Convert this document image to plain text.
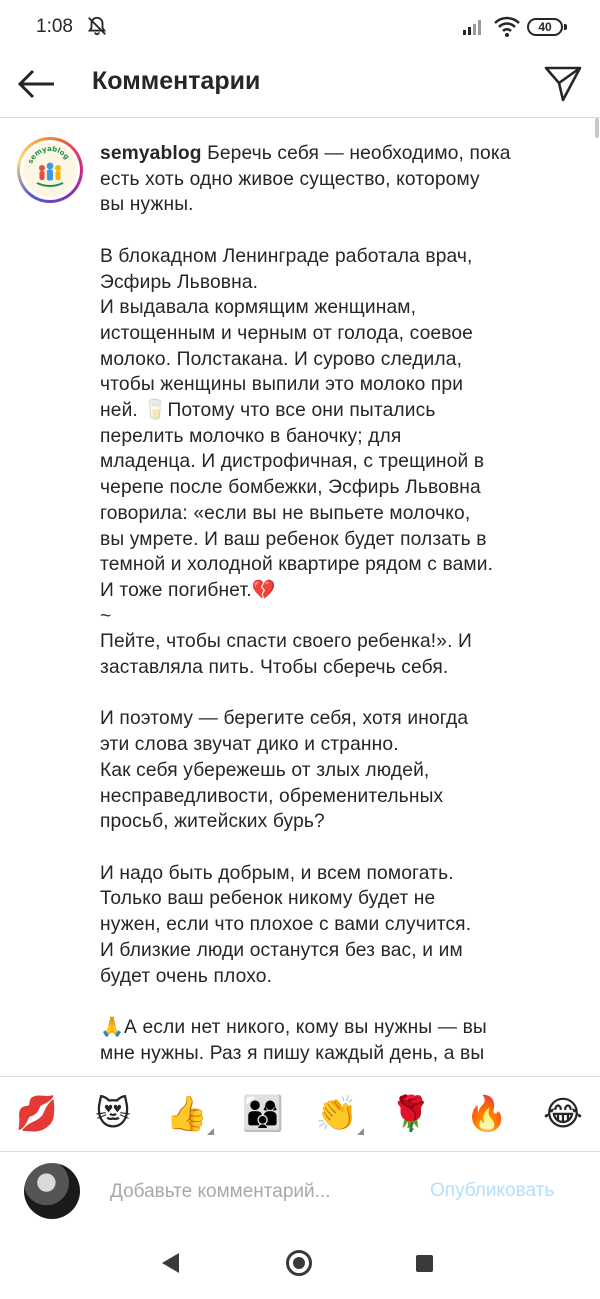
1:08	40
Комментарии
semyablog semyablog Беречь себя — необходимо, пока
есть хоть одно живое существо, которому
вы нужны.

В блокадном Ленинграде работала врач,
Эсфирь Львовна.
И выдавала кормящим женщинам,
истощенным и черным от голода, соевое
молоко. Полстакана. И сурово следила,
чтобы женщины выпили это молоко при
ней. 🥛Потому что все они пытались
перелить молочко в баночку; для
младенца. И дистрофичная, с трещиной в
черепе после бомбежки, Эсфирь Львовна
говорила: «если вы не выпьете молочко,
вы умрете. И ваш ребенок будет ползать в
темной и холодной квартире рядом с вами.
И тоже погибнет.💔
~
Пейте, чтобы спасти своего ребенка!». И
заставляла пить. Чтобы сберечь себя.

И поэтому — берегите себя, хотя иногда
эти слова звучат дико и странно.
Как себя убережешь от злых людей,
несправедливости, обременительных
просьб, житейских бурь?

И надо быть добрым, и всем помогать.
Только ваш ребенок никому будет не
нужен, если что плохое с вами случится.
И близкие люди останутся без вас, и им
будет очень плохо.

🙏А если нет никого, кому вы нужны — вы
мне нужны. Раз я пишу каждый день, а вы
💋 😻 👍 👨‍👩‍👦 👏 🌹 🔥 😂
Добавьте комментарий...
Опубликовать
